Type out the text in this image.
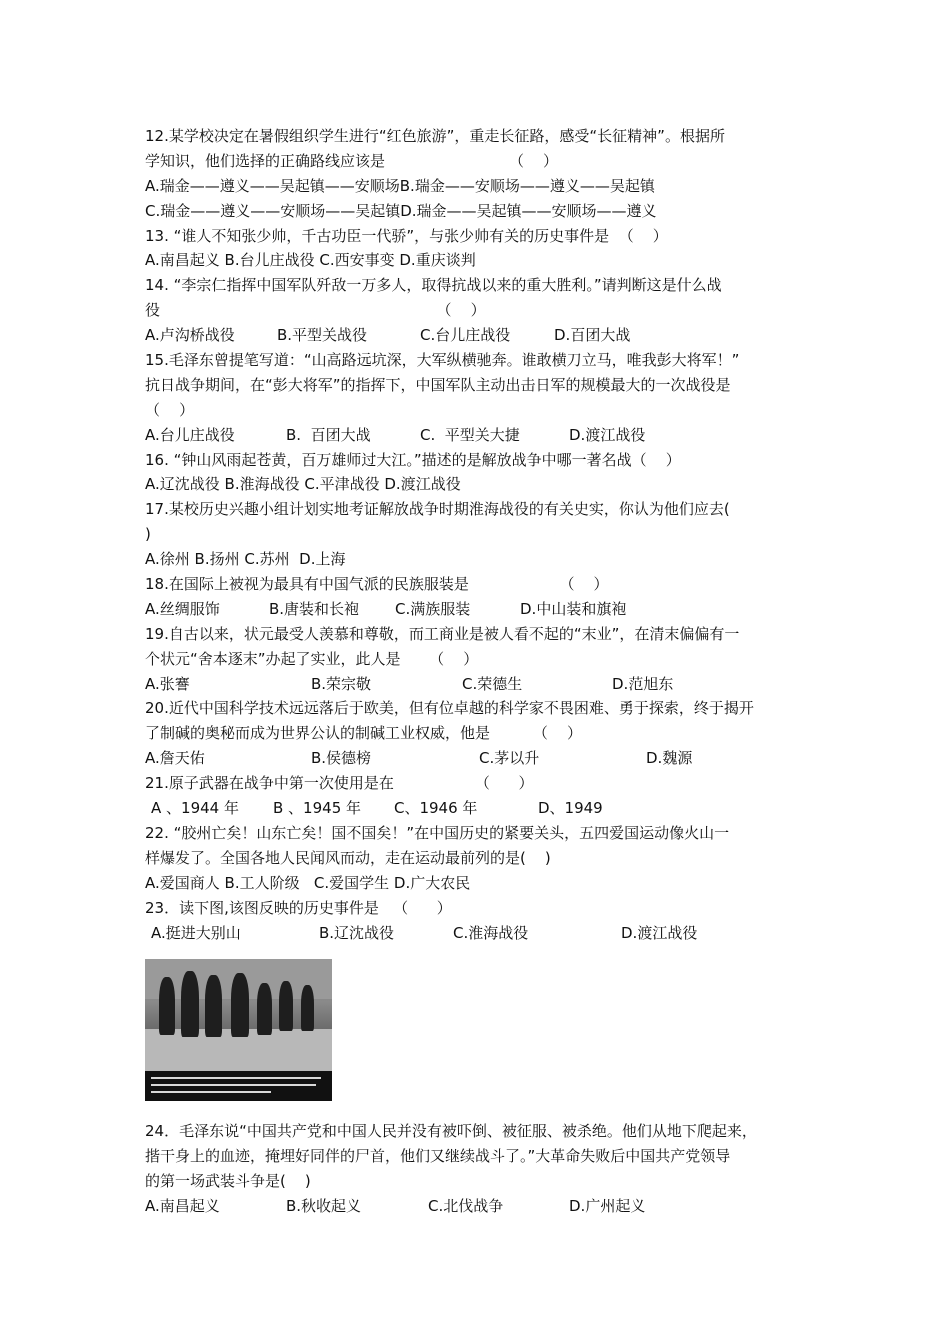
12.某学校决定在暑假组织学生进行“红色旅游”，重走长征路，感受“长征精神”。根据所
学知识，他们选择的正确路线应该是                          （    ）
A.瑞金——遵义——吴起镇——安顺场B.瑞金——安顺场——遵义——吴起镇
C.瑞金——遵义——安顺场——吴起镇D.瑞金——吴起镇——安顺场——遵义
13. “谁人不知张少帅，千古功臣一代骄”，与张少帅有关的历史事件是  （    ）
A.南昌起义 B.台儿庄战役 C.西安事变 D.重庆谈判
14. “李宗仁指挥中国军队歼敌一万多人，取得抗战以来的重大胜利。”请判断这是什么战
役                                                          （    ）

A.卢沟桥战役

	B.平型关战役

	C.台儿庄战役

	D.百团大战

15.毛泽东曾提笔写道：“山高路远坑深，大军纵横驰奔。谁敢横刀立马，唯我彭大将军！”
抗日战争期间，在“彭大将军”的指挥下，中国军队主动出击日军的规模最大的一次战役是
（    ）

A.台儿庄战役

	B.  百团大战

	C.  平型关大捷

	D.渡江战役

16. “钟山风雨起苍黄，百万雄师过大江。”描述的是解放战争中哪一著名战（    ）
A.辽沈战役 B.淮海战役 C.平津战役 D.渡江战役
17.某校历史兴趣小组计划实地考证解放战争时期淮海战役的有关史实，你认为他们应去(
)
A.徐州 B.扬州 C.苏州  D.上海
18.在国际上被视为最具有中国气派的民族服装是                   （    ）

A.丝绸服饰

	B.唐装和长袍

C.满族服装

	D.中山装和旗袍

19.自古以来，状元最受人羡慕和尊敬，而工商业是被人看不起的“末业”，在清末偏偏有一
个状元“舍本逐末”办起了实业，此人是      （    ）

A.张謇

	B.荣宗敬

	C.荣德生

	D.范旭东

20.近代中国科学技术远远落后于欧美，但有位卓越的科学家不畏困难、勇于探索，终于揭开
了制碱的奥秘而成为世界公认的制碱工业权威，他是         （    ）

A.詹天佑

	B.侯德榜

	C.茅以升

	D.魏源

21.原子武器在战争中第一次使用是在                 （      ）

A 、1944 年

B 、1945 年

C、1946 年

	D、1949

22. “胶州亡矣！山东亡矣！国不国矣！”在中国历史的紧要关头，五四爱国运动像火山一
样爆发了。全国各地人民闻风而动，走在运动最前列的是(    )
A.爱国商人 B.工人阶级   C.爱国学生 D.广大农民
23．读下图,该图反映的历史事件是   （      ）

A.挺进大别山

	B.辽沈战役

	C.淮海战役

	D.渡江战役

24．毛泽东说“中国共产党和中国人民并没有被吓倒、被征服、被杀绝。他们从地下爬起来，
揩干身上的血迹，掩埋好同伴的尸首，他们又继续战斗了。”大革命失败后中国共产党领导
的第一场武装斗争是(    )

A.南昌起义

	B.秋收起义

	C.北伐战争

	D.广州起义
